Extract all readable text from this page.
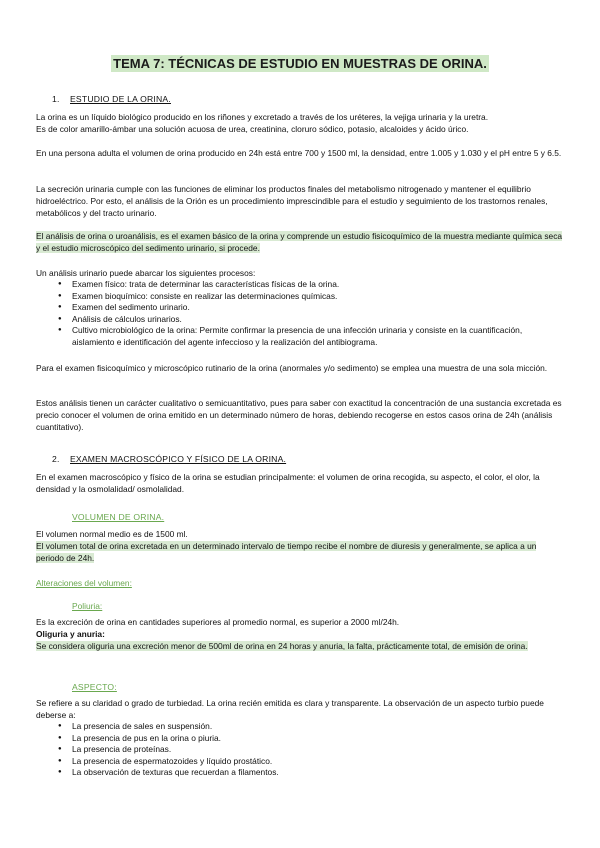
TEMA 7: TÉCNICAS DE ESTUDIO EN MUESTRAS DE ORINA.
1. ESTUDIO DE LA ORINA.

La orina es un líquido biológico producido en los riñones y excretado a través de los uréteres, la vejiga urinaria y la uretra.

Es de color amarillo-ámbar una solución acuosa de urea, creatinina, cloruro sódico, potasio, alcaloides y ácido úrico.

En una persona adulta el volumen de orina producido en 24h está entre 700 y 1500 ml, la densidad, entre 1.005 y 1.030 y el pH entre 5 y 6.5.

La secreción urinaria cumple con las funciones de eliminar los productos finales del metabolismo nitrogenado y mantener el equilibrio hidroeléctrico. Por esto, el análisis de la Orión es un procedimiento imprescindible para el estudio y seguimiento de los trastornos renales, metabólicos y del tracto urinario.

El análisis de orina o uroanálisis, es el examen básico de la orina y comprende un estudio fisicoquímico de la muestra mediante química seca y el estudio microscópico del sedimento urinario, si procede.

Un análisis urinario puede abarcar los siguientes procesos:

● Examen físico: trata de determinar las características físicas de la orina.
● Examen bioquímico: consiste en realizar las determinaciones químicas.
● Examen del sedimento urinario.
● Análisis de cálculos urinarios.
● Cultivo microbiológico de la orina: Permite confirmar la presencia de una infección urinaria y consiste en la cuantificación, aislamiento e identificación del agente infeccioso y la realización del antibiograma.

Para el examen fisicoquímico y microscópico rutinario de la orina (anormales y/o sedimento) se emplea una muestra de una sola micción.

Estos análisis tienen un carácter cualitativo o semicuantitativo, pues para saber con exactitud la concentración de una sustancia excretada es precio conocer el volumen de orina emitido en un determinado número de horas, debiendo recogerse en estos casos orina de 24h (análisis cuantitativo).

2. EXAMEN MACROSCÓPICO Y FÍSICO DE LA ORINA.

En el examen macroscópico y físico de la orina se estudian principalmente: el volumen de orina recogida, su aspecto, el color, el olor, la densidad y la osmolalidad/ osmolalidad.

VOLUMEN DE ORINA.

El volumen normal medio es de 1500 ml.

El volumen total de orina excretada en un determinado intervalo de tiempo recibe el nombre de diuresis y generalmente, se aplica a un periodo de 24h.

Alteraciones del volumen:

Poliuria:

Es la excreción de orina en cantidades superiores al promedio normal, es superior a 2000 ml/24h.

Oliguria y anuria:

Se considera oliguria una excreción menor de 500ml de orina en 24 horas y anuria, la falta, prácticamente total, de emisión de orina.

ASPECTO:

Se refiere a su claridad o grado de turbiedad. La orina recién emitida es clara y transparente. La observación de un aspecto turbio puede deberse a:

● La presencia de sales en suspensión.
● La presencia de pus en la orina o piuria.
● La presencia de proteínas.
● La presencia de espermatozoides y líquido prostático.
● La observación de texturas que recuerdan a filamentos.
